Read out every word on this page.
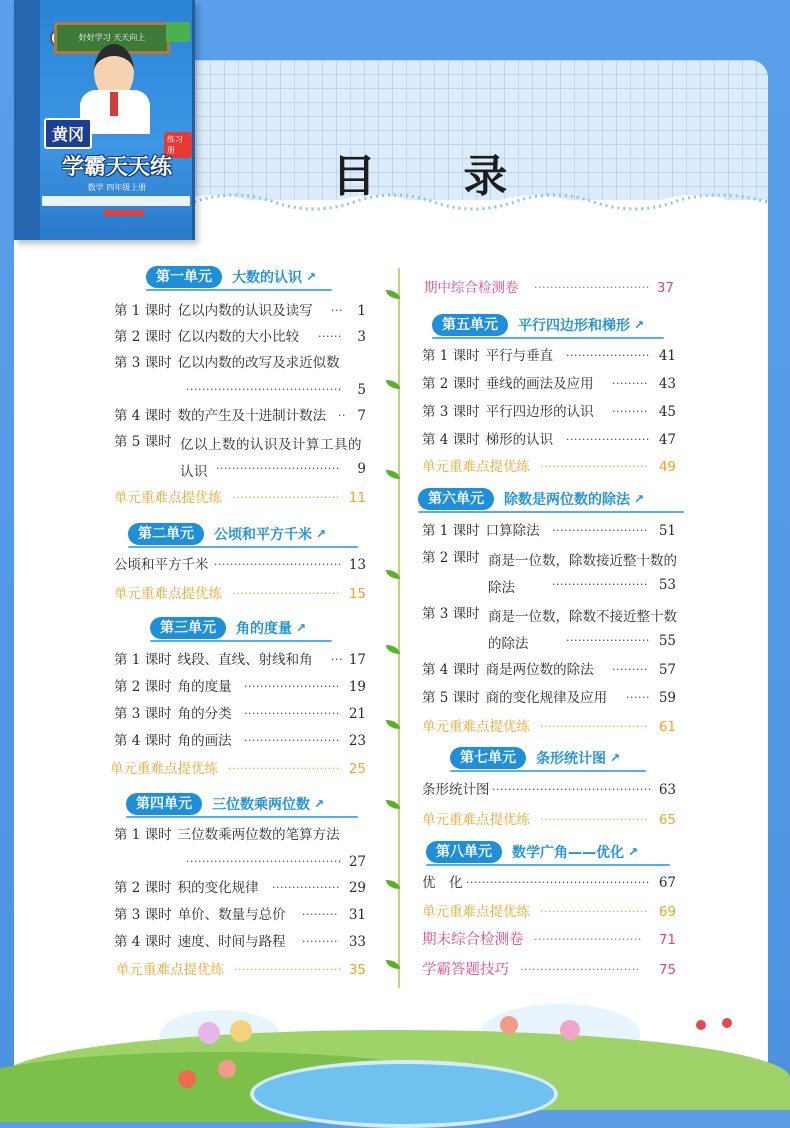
目 录
好好学习 天天向上
黄冈	练习册
学霸天天练
数学 四年级上册
第一单元	大数的认识 ↗
第 1 课时 亿以内数的认识及读写 ···	1
第 2 课时 亿以内数的大小比较 ······	3
第 3 课时 亿以内数的改写及求近似数
·······································	5
第 4 课时 数的产生及十进制计数法 ·· 7
第 5 课时 亿以上数的认识及计算工具的认识 ·······························	9
单元重难点提优练 ··························· 11
第二单元	公顷和平方千米 ↗
公顷和平方千米 ································ 13
单元重难点提优练 ··························· 15
第三单元	角的度量 ↗
第 1 课时 线段、直线、射线和角 ··· 17
第 2 课时 角的度量 ························ 19
第 3 课时 角的分类 ························ 21
第 4 课时 角的画法 ························ 23
单元重难点提优练 ···························· 25
第四单元	三位数乘两位数 ↗
第 1 课时 三位数乘两位数的笔算方法
······································· 27
第 2 课时 积的变化规律 ················· 29
第 3 课时 单价、数量与总价 ········· 31
第 4 课时 速度、时间与路程 ········· 33
单元重难点提优练 ··························· 35
期中综合检测卷 ····························· 37
第五单元	平行四边形和梯形 ↗
第 1 课时 平行与垂直 ····················· 41
第 2 课时 垂线的画法及应用 ········· 43
第 3 课时 平行四边形的认识 ········· 45
第 4 课时 梯形的认识 ····················· 47
单元重难点提优练 ··························· 49
第六单元	除数是两位数的除法 ↗
第 1 课时 口算除法 ························ 51
第 2 课时 商是一位数，除数接近整十数的除法	························ 53
第 3 课时 商是一位数，除数不接近整十数的除法	····················· 55
第 4 课时 商是两位数的除法 ········· 57
第 5 课时 商的变化规律及应用 ······ 59
单元重难点提优练 ··························· 61
第七单元	条形统计图 ↗
条形统计图 ········································ 63
单元重难点提优练 ··························· 65
第八单元	数学广角——优化 ↗
优　化 ·············································· 67
单元重难点提优练 ··························· 69
期末综合检测卷 ···························	71
学霸答题技巧 ······························	75
